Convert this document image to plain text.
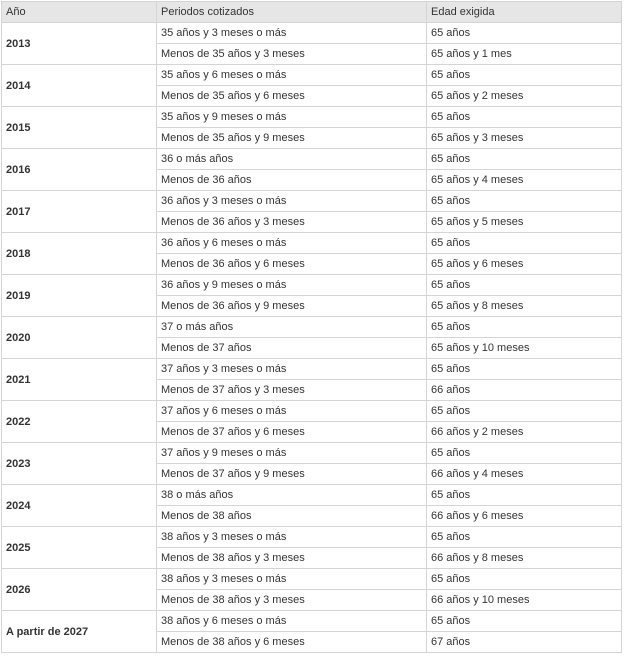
Año	Periodos cotizados	Edad exigida
2013	35 años y 3 meses o más	65 años
	Menos de 35 años y 3 meses	65 años y 1 mes
2014	35 años y 6 meses o más	65 años
	Menos de 35 años y 6 meses	65 años y 2 meses
2015	35 años y 9 meses o más	65 años
	Menos de 35 años y 9 meses	65 años y 3 meses
2016	36 o más años	65 años
	Menos de 36 años	65 años y 4 meses
2017	36 años y 3 meses o más	65 años
	Menos de 36 años y 3 meses	65 años y 5 meses
2018	36 años y 6 meses o más	65 años
	Menos de 36 años y 6 meses	65 años y 6 meses
2019	36 años y 9 meses o más	65 años
	Menos de 36 años y 9 meses	65 años y 8 meses
2020	37 o más años	65 años
	Menos de 37 años	65 años y 10 meses
2021	37 años y 3 meses o más	65 años
	Menos de 37 años y 3 meses	66 años
2022	37 años y 6 meses o más	65 años
	Menos de 37 años y 6 meses	66 años y 2 meses
2023	37 años y 9 meses o más	65 años
	Menos de 37 años y 9 meses	66 años y 4 meses
2024	38 o más años	65 años
	Menos de 38 años	66 años y 6 meses
2025	38 años y 3 meses o más	65 años
	Menos de 38 años y 3 meses	66 años y 8 meses
2026	38 años y 3 meses o más	65 años
	Menos de 38 años y 3 meses	66 años y 10 meses
A partir de 2027	38 años y 6 meses o más	65 años
	Menos de 38 años y 6 meses	67 años
